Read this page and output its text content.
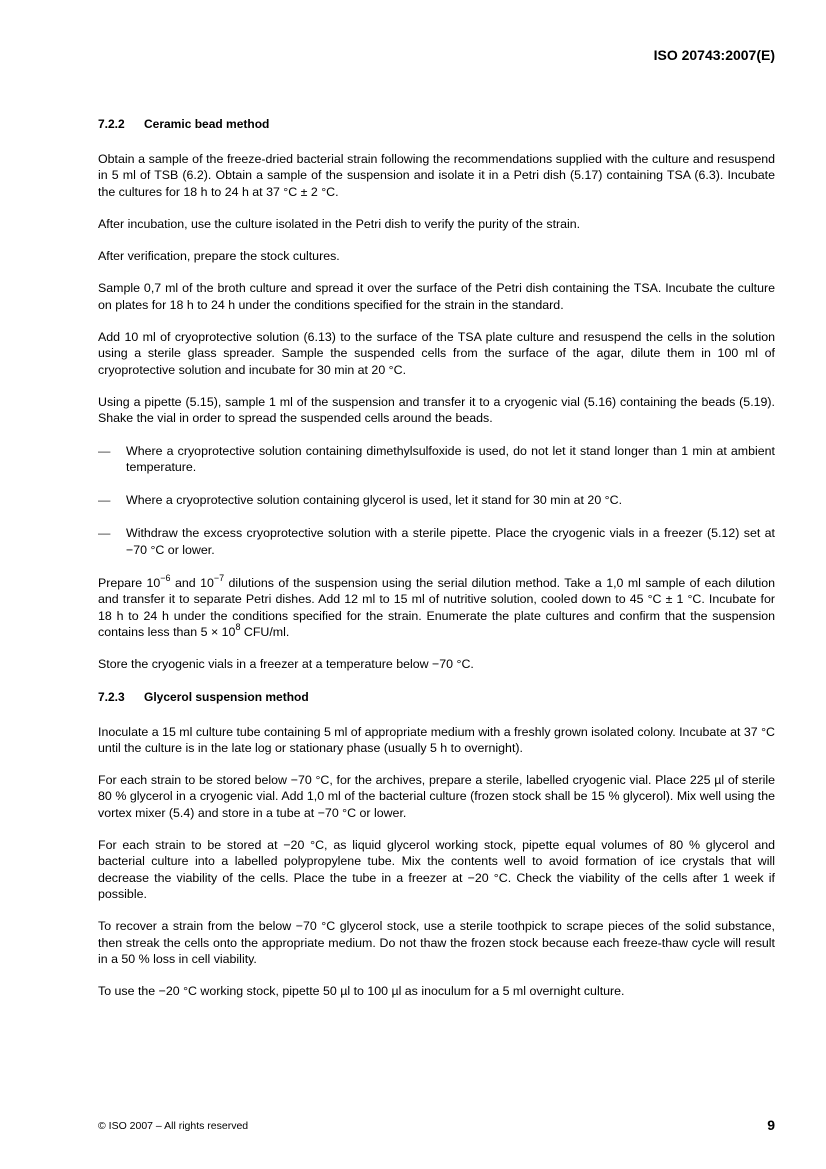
ISO 20743:2007(E)
7.2.2 Ceramic bead method

Obtain a sample of the freeze-dried bacterial strain following the recommendations supplied with the culture and resuspend in 5 ml of TSB (6.2). Obtain a sample of the suspension and isolate it in a Petri dish (5.17) containing TSA (6.3). Incubate the cultures for 18 h to 24 h at 37 °C ± 2 °C.

After incubation, use the culture isolated in the Petri dish to verify the purity of the strain.

After verification, prepare the stock cultures.

Sample 0,7 ml of the broth culture and spread it over the surface of the Petri dish containing the TSA. Incubate the culture on plates for 18 h to 24 h under the conditions specified for the strain in the standard.

Add 10 ml of cryoprotective solution (6.13) to the surface of the TSA plate culture and resuspend the cells in the solution using a sterile glass spreader. Sample the suspended cells from the surface of the agar, dilute them in 100 ml of cryoprotective solution and incubate for 30 min at 20 °C.

Using a pipette (5.15), sample 1 ml of the suspension and transfer it to a cryogenic vial (5.16) containing the beads (5.19). Shake the vial in order to spread the suspended cells around the beads.

—	Where a cryoprotective solution containing dimethylsulfoxide is used, do not let it stand longer than 1 min at ambient temperature.
—	Where a cryoprotective solution containing glycerol is used, let it stand for 30 min at 20 °C.
—	Withdraw the excess cryoprotective solution with a sterile pipette. Place the cryogenic vials in a freezer (5.12) set at −70 °C or lower.

Prepare $10^{-6}$ and $10^{-7}$ dilutions of the suspension using the serial dilution method. Take a 1,0 ml sample of each dilution and transfer it to separate Petri dishes. Add 12 ml to 15 ml of nutritive solution, cooled down to 45 °C ± 1 °C. Incubate for 18 h to 24 h under the conditions specified for the strain. Enumerate the plate cultures and confirm that the suspension contains less than $5 \times 10^8$ CFU/ml.

Store the cryogenic vials in a freezer at a temperature below −70 °C.

7.2.3 Glycerol suspension method

Inoculate a 15 ml culture tube containing 5 ml of appropriate medium with a freshly grown isolated colony. Incubate at 37 °C until the culture is in the late log or stationary phase (usually 5 h to overnight).

For each strain to be stored below −70 °C, for the archives, prepare a sterile, labelled cryogenic vial. Place 225 µl of sterile 80 % glycerol in a cryogenic vial. Add 1,0 ml of the bacterial culture (frozen stock shall be 15 % glycerol). Mix well using the vortex mixer (5.4) and store in a tube at −70 °C or lower.

For each strain to be stored at −20 °C, as liquid glycerol working stock, pipette equal volumes of 80 % glycerol and bacterial culture into a labelled polypropylene tube. Mix the contents well to avoid formation of ice crystals that will decrease the viability of the cells. Place the tube in a freezer at −20 °C. Check the viability of the cells after 1 week if possible.

To recover a strain from the below −70 °C glycerol stock, use a sterile toothpick to scrape pieces of the solid substance, then streak the cells onto the appropriate medium. Do not thaw the frozen stock because each freeze-thaw cycle will result in a 50 % loss in cell viability.

To use the −20 °C working stock, pipette 50 µl to 100 µl as inoculum for a 5 ml overnight culture.

© ISO 2007 – All rights reserved	9
